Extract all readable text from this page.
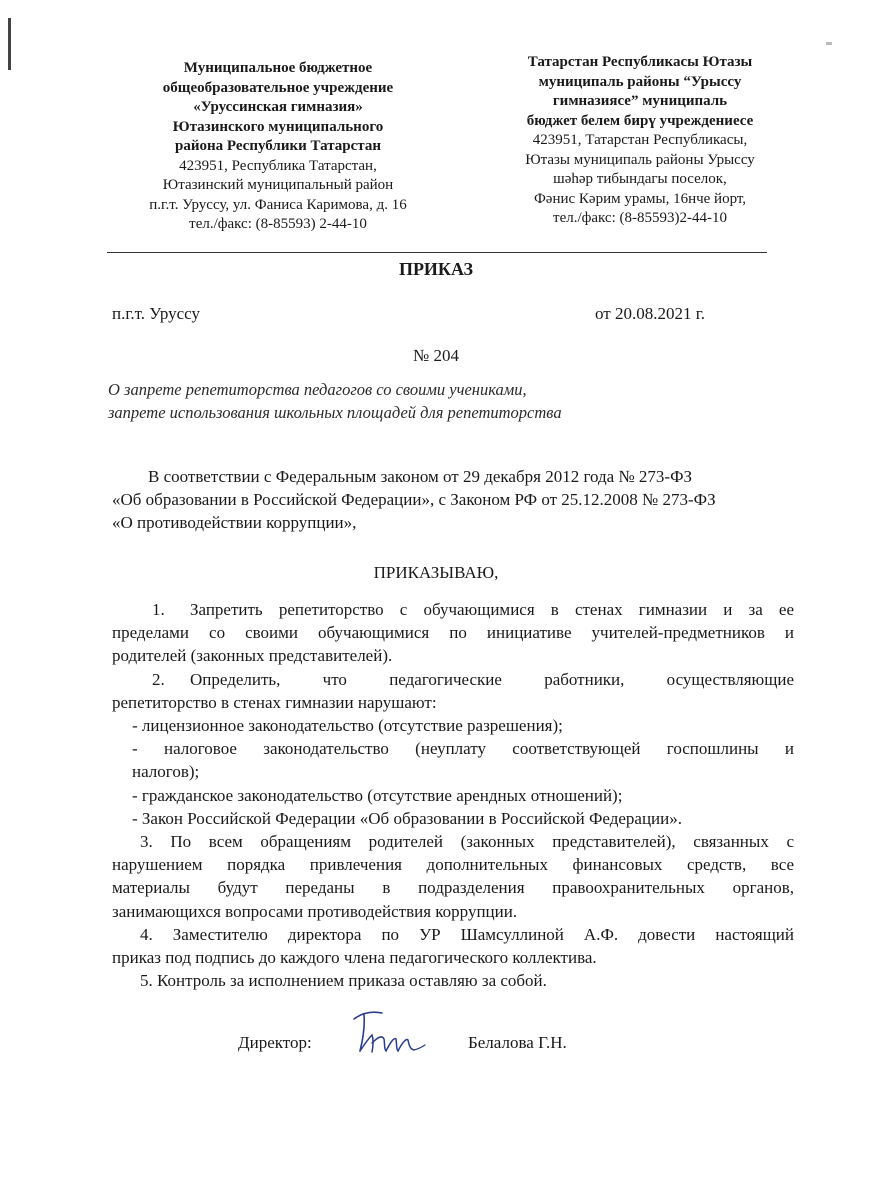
Муниципальное бюджетное
общеобразовательное учреждение
«Уруссинская гимназия»
Ютазинского муниципального
района Республики Татарстан
423951, Республика Татарстан,
Ютазинский муниципальный район
п.г.т. Уруссу, ул. Фаниса Каримова, д. 16
тел./факс: (8-85593) 2-44-10
Татарстан Республикасы Ютазы
муниципаль районы “Урыссу
гимназиясе” муниципаль
бюджет белем бирү учреждениесе
423951, Татарстан Республикасы,
Ютазы муниципаль районы Урыссу
шәһәр тибындагы поселок,
Фәнис Кәрим урамы, 16нче йорт,
тел./факс: (8-85593)2-44-10
ПРИКАЗ
п.г.т. Уруссу	от 20.08.2021 г.
№ 204
О запрете репетиторства педагогов со своими учениками,
запрете использования школьных площадей для репетиторства
В соответствии с Федеральным законом от 29 декабря 2012 года № 273-ФЗ
«Об образовании в Российской Федерации», с Законом РФ от 25.12.2008 № 273-ФЗ
«О противодействии коррупции»,
ПРИКАЗЫВАЮ,

1. Запретить репетиторство с обучающимися в стенах гимназии и за ее

пределами со своими обучающимися по инициативе учителей-предметников и

родителей (законных представителей).

2. Определить, что педагогические работники, осуществляющие

репетиторство в стенах гимназии нарушают:

- лицензионное законодательство (отсутствие разрешения);

- налоговое законодательство (неуплату соответствующей госпошлины и

налогов);

- гражданское законодательство (отсутствие арендных отношений);

- Закон Российской Федерации «Об образовании в Российской Федерации».

3. По всем обращениям родителей (законных представителей), связанных с

нарушением порядка привлечения дополнительных финансовых средств, все

материалы будут переданы в подразделения правоохранительных органов,

занимающихся вопросами противодействия коррупции.

4. Заместителю директора по УР Шамсуллиной А.Ф. довести настоящий

приказ под подпись до каждого члена педагогического коллектива.

5. Контроль за исполнением приказа оставляю за собой.

Директор:	Белалова Г.Н.
